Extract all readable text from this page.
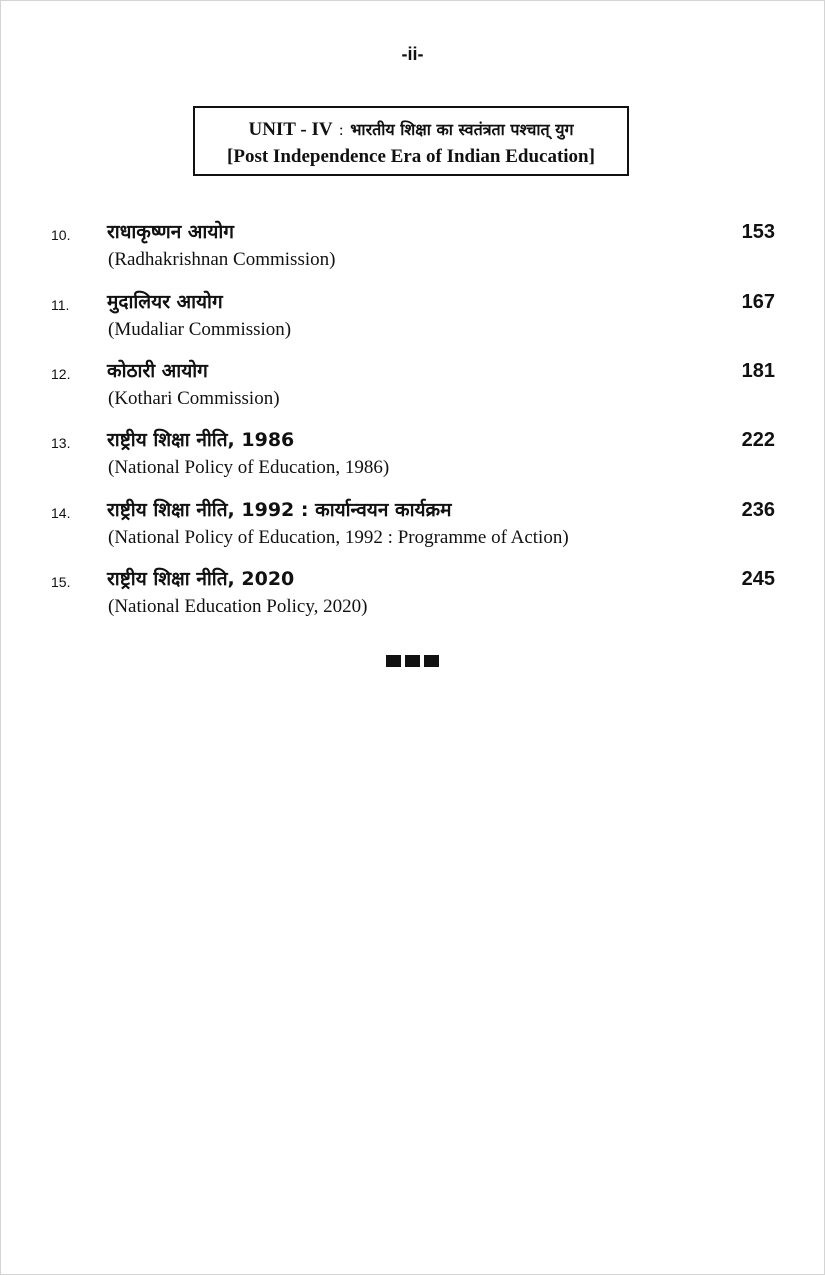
-ii-
UNIT - IV : भारतीय शिक्षा का स्वतंत्रता पश्चात् युग
[Post Independence Era of Indian Education]
10. राधाकृष्णन आयोग
(Radhakrishnan Commission)
153
11. मुदालियर आयोग
(Mudaliar Commission)
167
12. कोठारी आयोग
(Kothari Commission)
181
13. राष्ट्रीय शिक्षा नीति, 1986
(National Policy of Education, 1986)
222
14. राष्ट्रीय शिक्षा नीति, 1992 : कार्यान्वयन कार्यक्रम
(National Policy of Education, 1992 : Programme of Action)
236
15. राष्ट्रीय शिक्षा नीति, 2020
(National Education Policy, 2020)
245
